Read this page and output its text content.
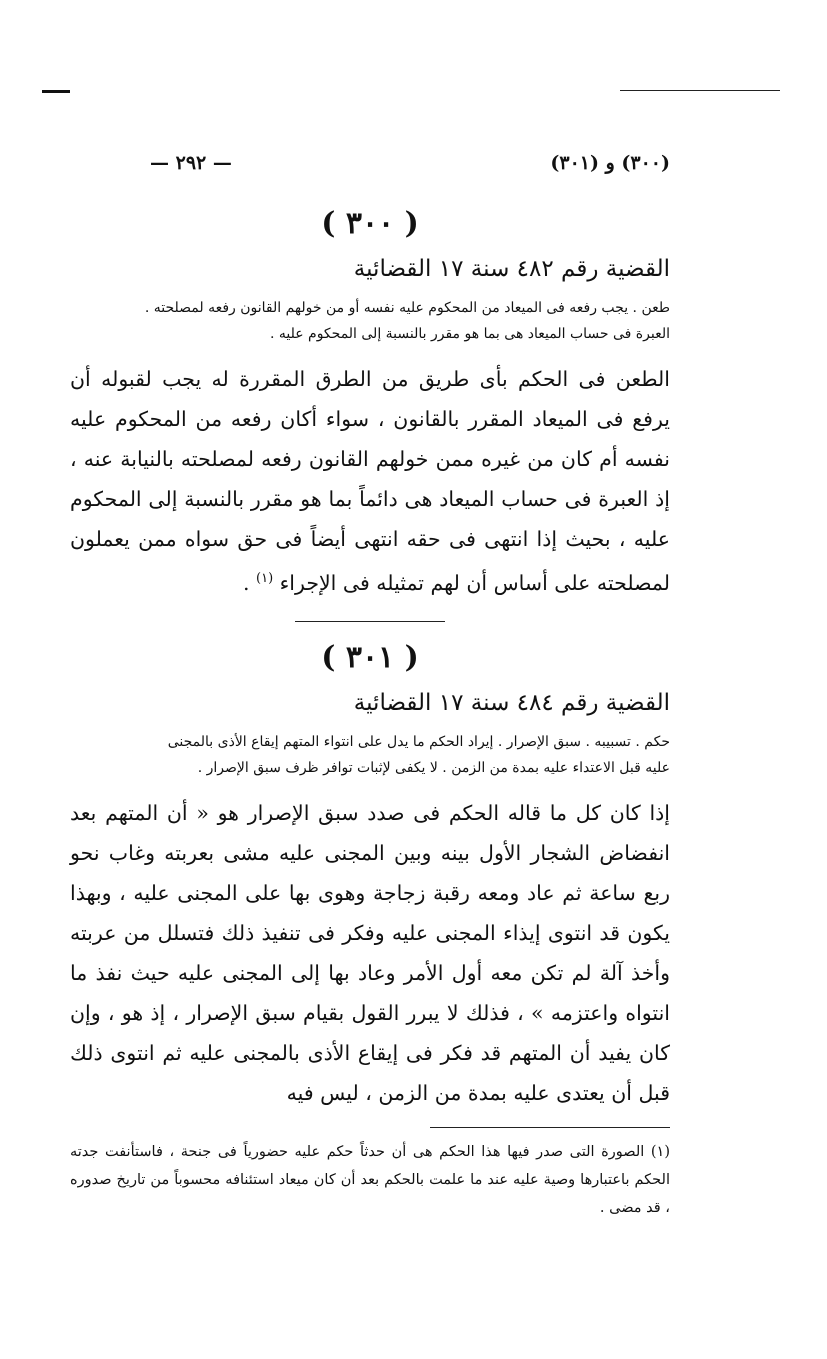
(٣٠٠) و (٣٠١)
— ٢٩٢ —
( ٣٠٠ )
القضية رقم ٤٨٢ سنة ١٧ القضائية
طعن . يجب رفعه فى الميعاد من المحكوم عليه نفسه أو من خولهم القانون رفعه لمصلحته .
العبرة فى حساب الميعاد هى بما هو مقرر بالنسبة إلى المحكوم عليه .

الطعن فى الحكم بأى طريق من الطرق المقررة له يجب لقبوله أن يرفع فى الميعاد المقرر بالقانون ، سواء أكان رفعه من المحكوم عليه نفسه أم كان من غيره ممن خولهم القانون رفعه لمصلحته بالنيابة عنه ، إذ العبرة فى حساب الميعاد هى دائماً بما هو مقرر بالنسبة إلى المحكوم عليه ، بحيث إذا انتهى فى حقه انتهى أيضاً فى حق سواه ممن يعملون لمصلحته على أساس أن لهم تمثيله فى الإجراء $^{(١)}$ .

( ٣٠١ )
القضية رقم ٤٨٤ سنة ١٧ القضائية
حكم . تسبيبه . سبق الإصرار . إيراد الحكم ما يدل على انتواء المتهم إيقاع الأذى بالمجنى
عليه قبل الاعتداء عليه بمدة من الزمن . لا يكفى لإثبات توافر ظرف سبق الإصرار .

إذا كان كل ما قاله الحكم فى صدد سبق الإصرار هو « أن المتهم بعد انفضاض الشجار الأول بينه وبين المجنى عليه مشى بعربته وغاب نحو ربع ساعة ثم عاد ومعه رقبة زجاجة وهوى بها على المجنى عليه ، وبهذا يكون قد انتوى إيذاء المجنى عليه وفكر فى تنفيذ ذلك فتسلل من عربته وأخذ آلة لم تكن معه أول الأمر وعاد بها إلى المجنى عليه حيث نفذ ما انتواه واعتزمه » ، فذلك لا يبرر القول بقيام سبق الإصرار ، إذ هو ، وإن كان يفيد أن المتهم قد فكر فى إيقاع الأذى بالمجنى عليه ثم انتوى ذلك قبل أن يعتدى عليه بمدة من الزمن ، ليس فيه

(١) الصورة التى صدر فيها هذا الحكم هى أن حدثاً حكم عليه حضورياً فى جنحة ، فاستأنفت جدته الحكم باعتبارها وصية عليه عند ما علمت بالحكم بعد أن كان ميعاد استئنافه محسوباً من تاريخ صدوره ، قد مضى .
